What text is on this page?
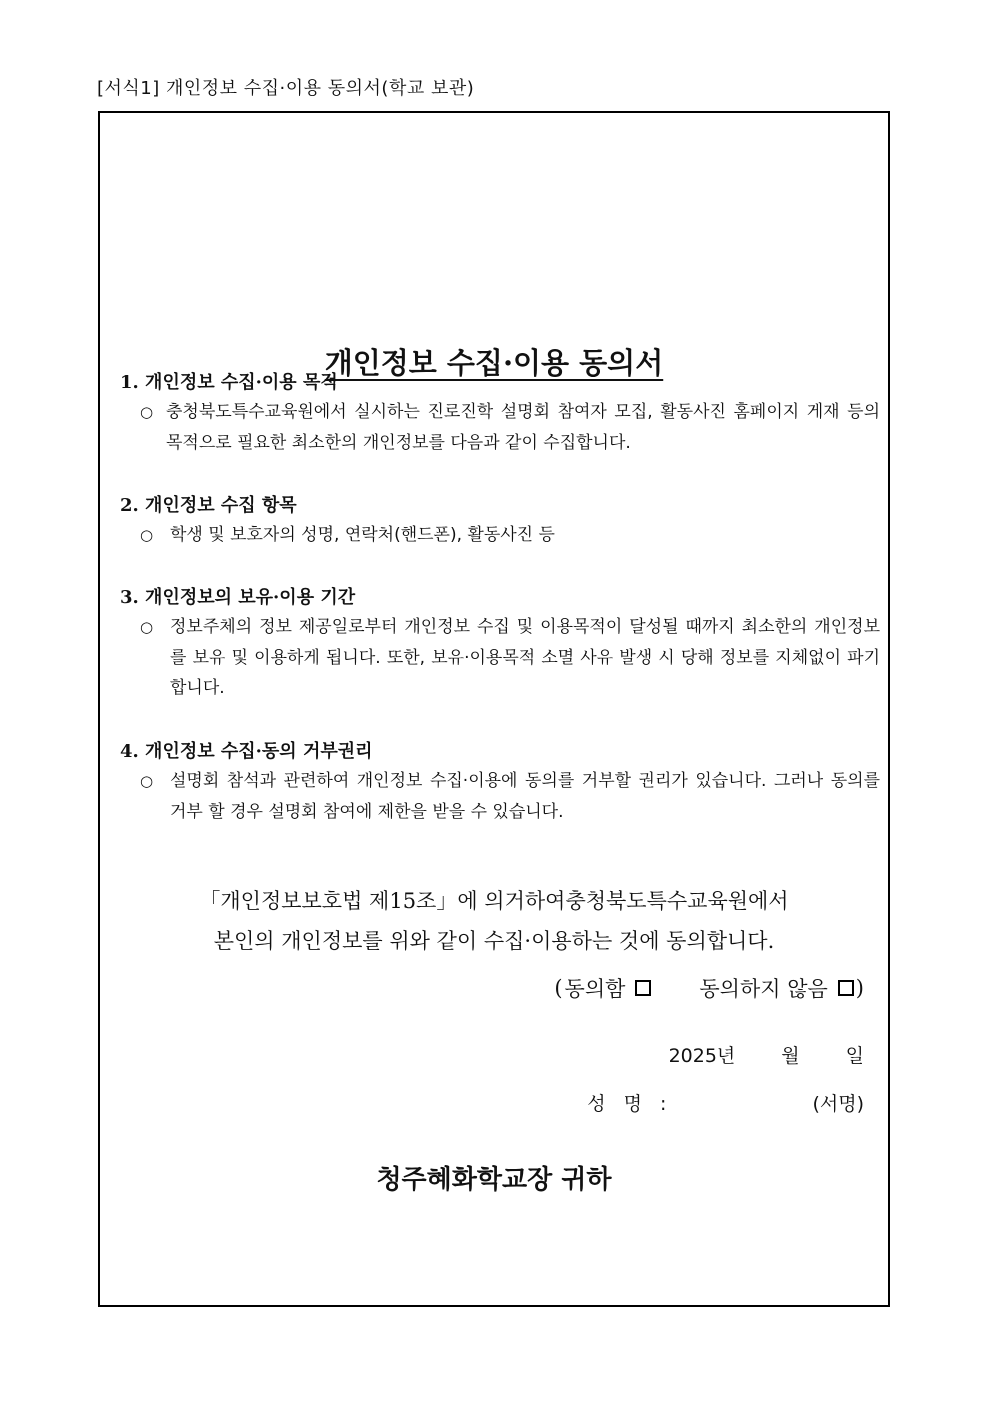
[서식1] 개인정보 수집·이용 동의서(학교 보관)
개인정보 수집·이용 동의서

1. 개인정보 수집·이용 목적

○ 충청북도특수교육원에서 실시하는 진로진학 설명회 참여자 모집, 활동사진 홈페이지 게재 등의 목적으로 필요한 최소한의 개인정보를 다음과 같이 수집합니다.

2. 개인정보 수집 항목

○ 학생 및 보호자의 성명, 연락처(핸드폰), 활동사진 등

3. 개인정보의 보유·이용 기간

○ 정보주체의 정보 제공일로부터 개인정보 수집 및 이용목적이 달성될 때까지 최소한의 개인정보를 보유 및 이용하게 됩니다. 또한, 보유·이용목적 소멸 사유 발생 시 당해 정보를 지체없이 파기합니다.

4. 개인정보 수집·동의 거부권리

○ 설명회 참석과 관련하여 개인정보 수집·이용에 동의를 거부할 권리가 있습니다. 그러나 동의를 거부 할 경우 설명회 참여에 제한을 받을 수 있습니다.
「개인정보보호법 제15조」에 의거하여충청북도특수교육원에서
본인의 개인정보를 위와 같이 수집·이용하는 것에 동의합니다.
( 동의함	동의하지 않음 )
2025년 월 일
성 명 :	(서명)
청주혜화학교장 귀하
